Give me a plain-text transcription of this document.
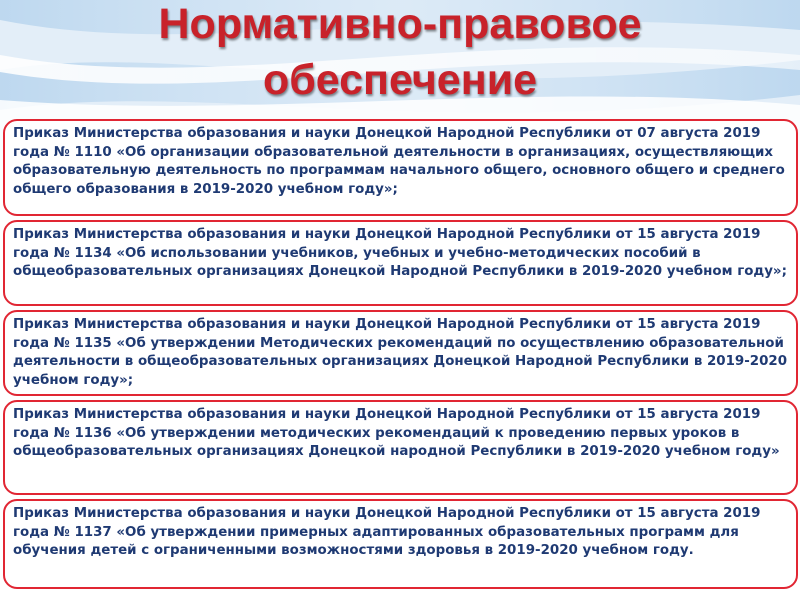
Нормативно-правовое
обеспечение
Приказ Министерства образования и науки Донецкой Народной Республики от 07 августа 2019 года № 1110 «Об организации образовательной деятельности в организациях, осуществляющих образовательную деятельность по программам начального общего, основного общего и среднего общего образования в 2019-2020 учебном году»;
Приказ Министерства образования и науки Донецкой Народной Республики от 15 августа 2019 года № 1134 «Об использовании учебников, учебных и учебно-методических пособий в общеобразовательных организациях Донецкой Народной Республики в 2019-2020 учебном году»;
Приказ Министерства образования и науки Донецкой Народной Республики от 15 августа 2019 года № 1135 «Об утверждении Методических рекомендаций по осуществлению образовательной деятельности в общеобразовательных организациях Донецкой Народной Республики в 2019-2020 учебном году»;
Приказ Министерства образования и науки Донецкой Народной Республики от 15 августа 2019 года № 1136 «Об утверждении методических рекомендаций к проведению первых уроков в общеобразовательных организациях Донецкой народной Республики в 2019-2020 учебном году»
Приказ Министерства образования и науки Донецкой Народной Республики от 15 августа 2019 года № 1137 «Об утверждении примерных адаптированных образовательных программ для обучения детей с ограниченными возможностями здоровья в 2019-2020 учебном году.
